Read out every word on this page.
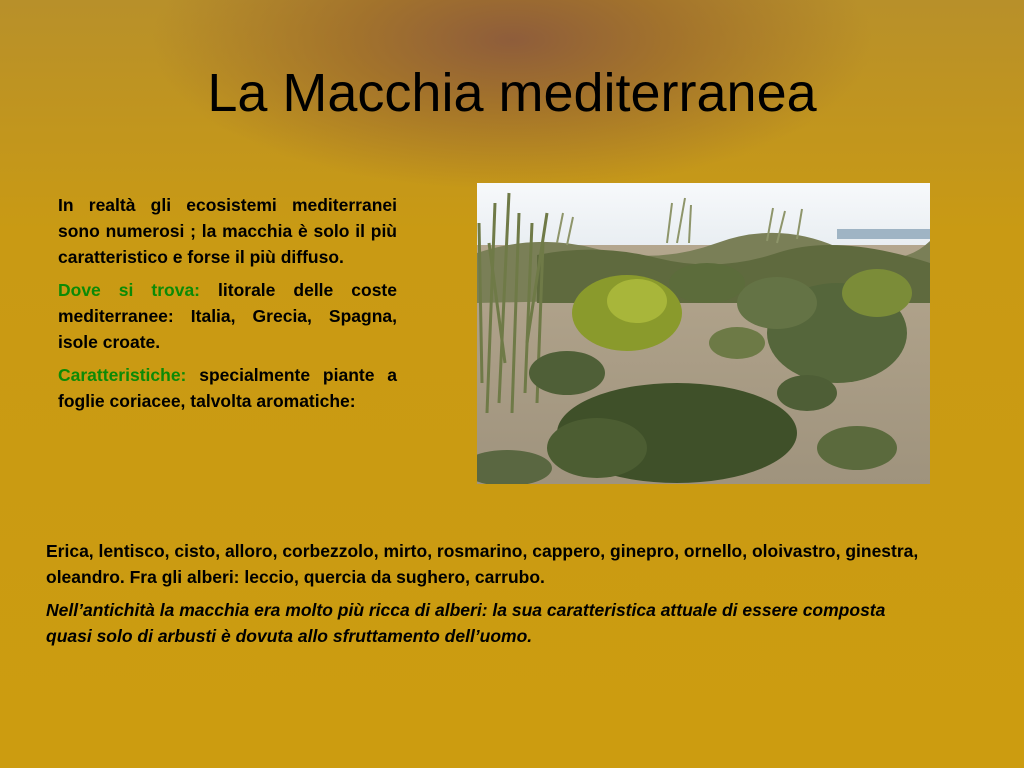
La Macchia mediterranea

In realtà gli ecosistemi mediterranei sono numerosi ; la macchia è solo il più caratteristico e forse il più diffuso.

Dove si trova: litorale delle coste mediterranee: Italia, Grecia, Spagna, isole croate.

Caratteristiche: specialmente piante a foglie coriacee, talvolta aromatiche:

Erica, lentisco, cisto, alloro, corbezzolo, mirto, rosmarino, cappero, ginepro, ornello, oloivastro, ginestra, oleandro. Fra gli alberi: leccio, quercia da sughero, carrubo.

Nell’antichità la macchia era molto più ricca di alberi: la sua caratteristica attuale di essere composta quasi solo di arbusti è dovuta allo sfruttamento dell’uomo.
